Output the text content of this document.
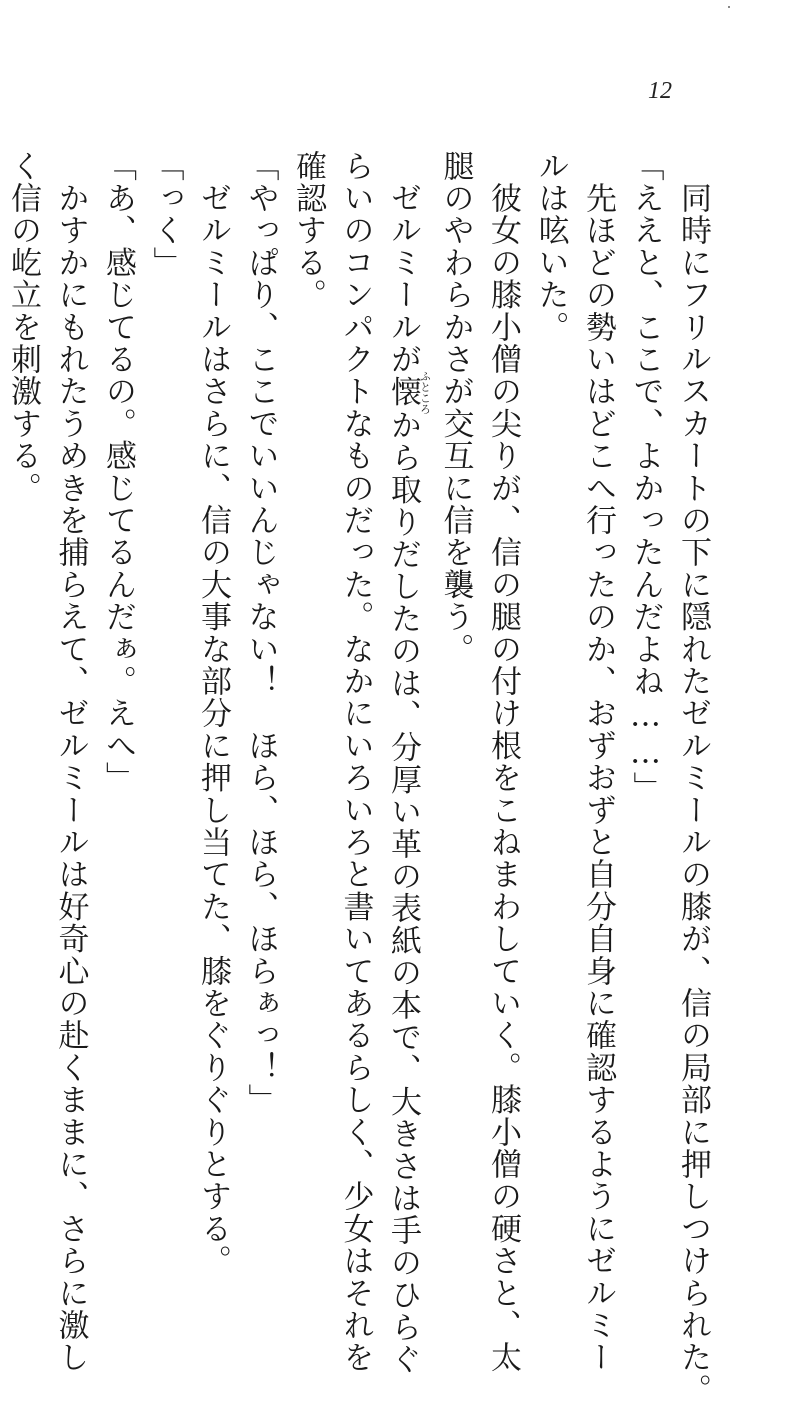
12
　同時にフリルスカートの下に隠れたゼルミールの膝が、信の局部に押しつけられた。
「ええと、ここで、よかったんだよね……」
　先ほどの勢いはどこへ行ったのか、おずおずと自分自身に確認するようにゼルミー
ルは呟いた。
　彼女の膝小僧の尖りが、信の腿の付け根をこねまわしていく。膝小僧の硬さと、太
腿のやわらかさが交互に信を襲う。
　ゼルミールが懐ふところから取りだしたのは、分厚い革の表紙の本で、大きさは手のひらぐ
らいのコンパクトなものだった。なかにいろいろと書いてあるらしく、少女はそれを
確認する。
「やっぱり、ここでいいんじゃない！　ほら、ほら、ほらぁっ！」
　ゼルミールはさらに、信の大事な部分に押し当てた、膝をぐりぐりとする。
「っく」
「あ、感じてるの。感じてるんだぁ。えへ」
　かすかにもれたうめきを捕らえて、ゼルミールは好奇心の赴くままに、さらに激し
く信の屹立を刺激する。
